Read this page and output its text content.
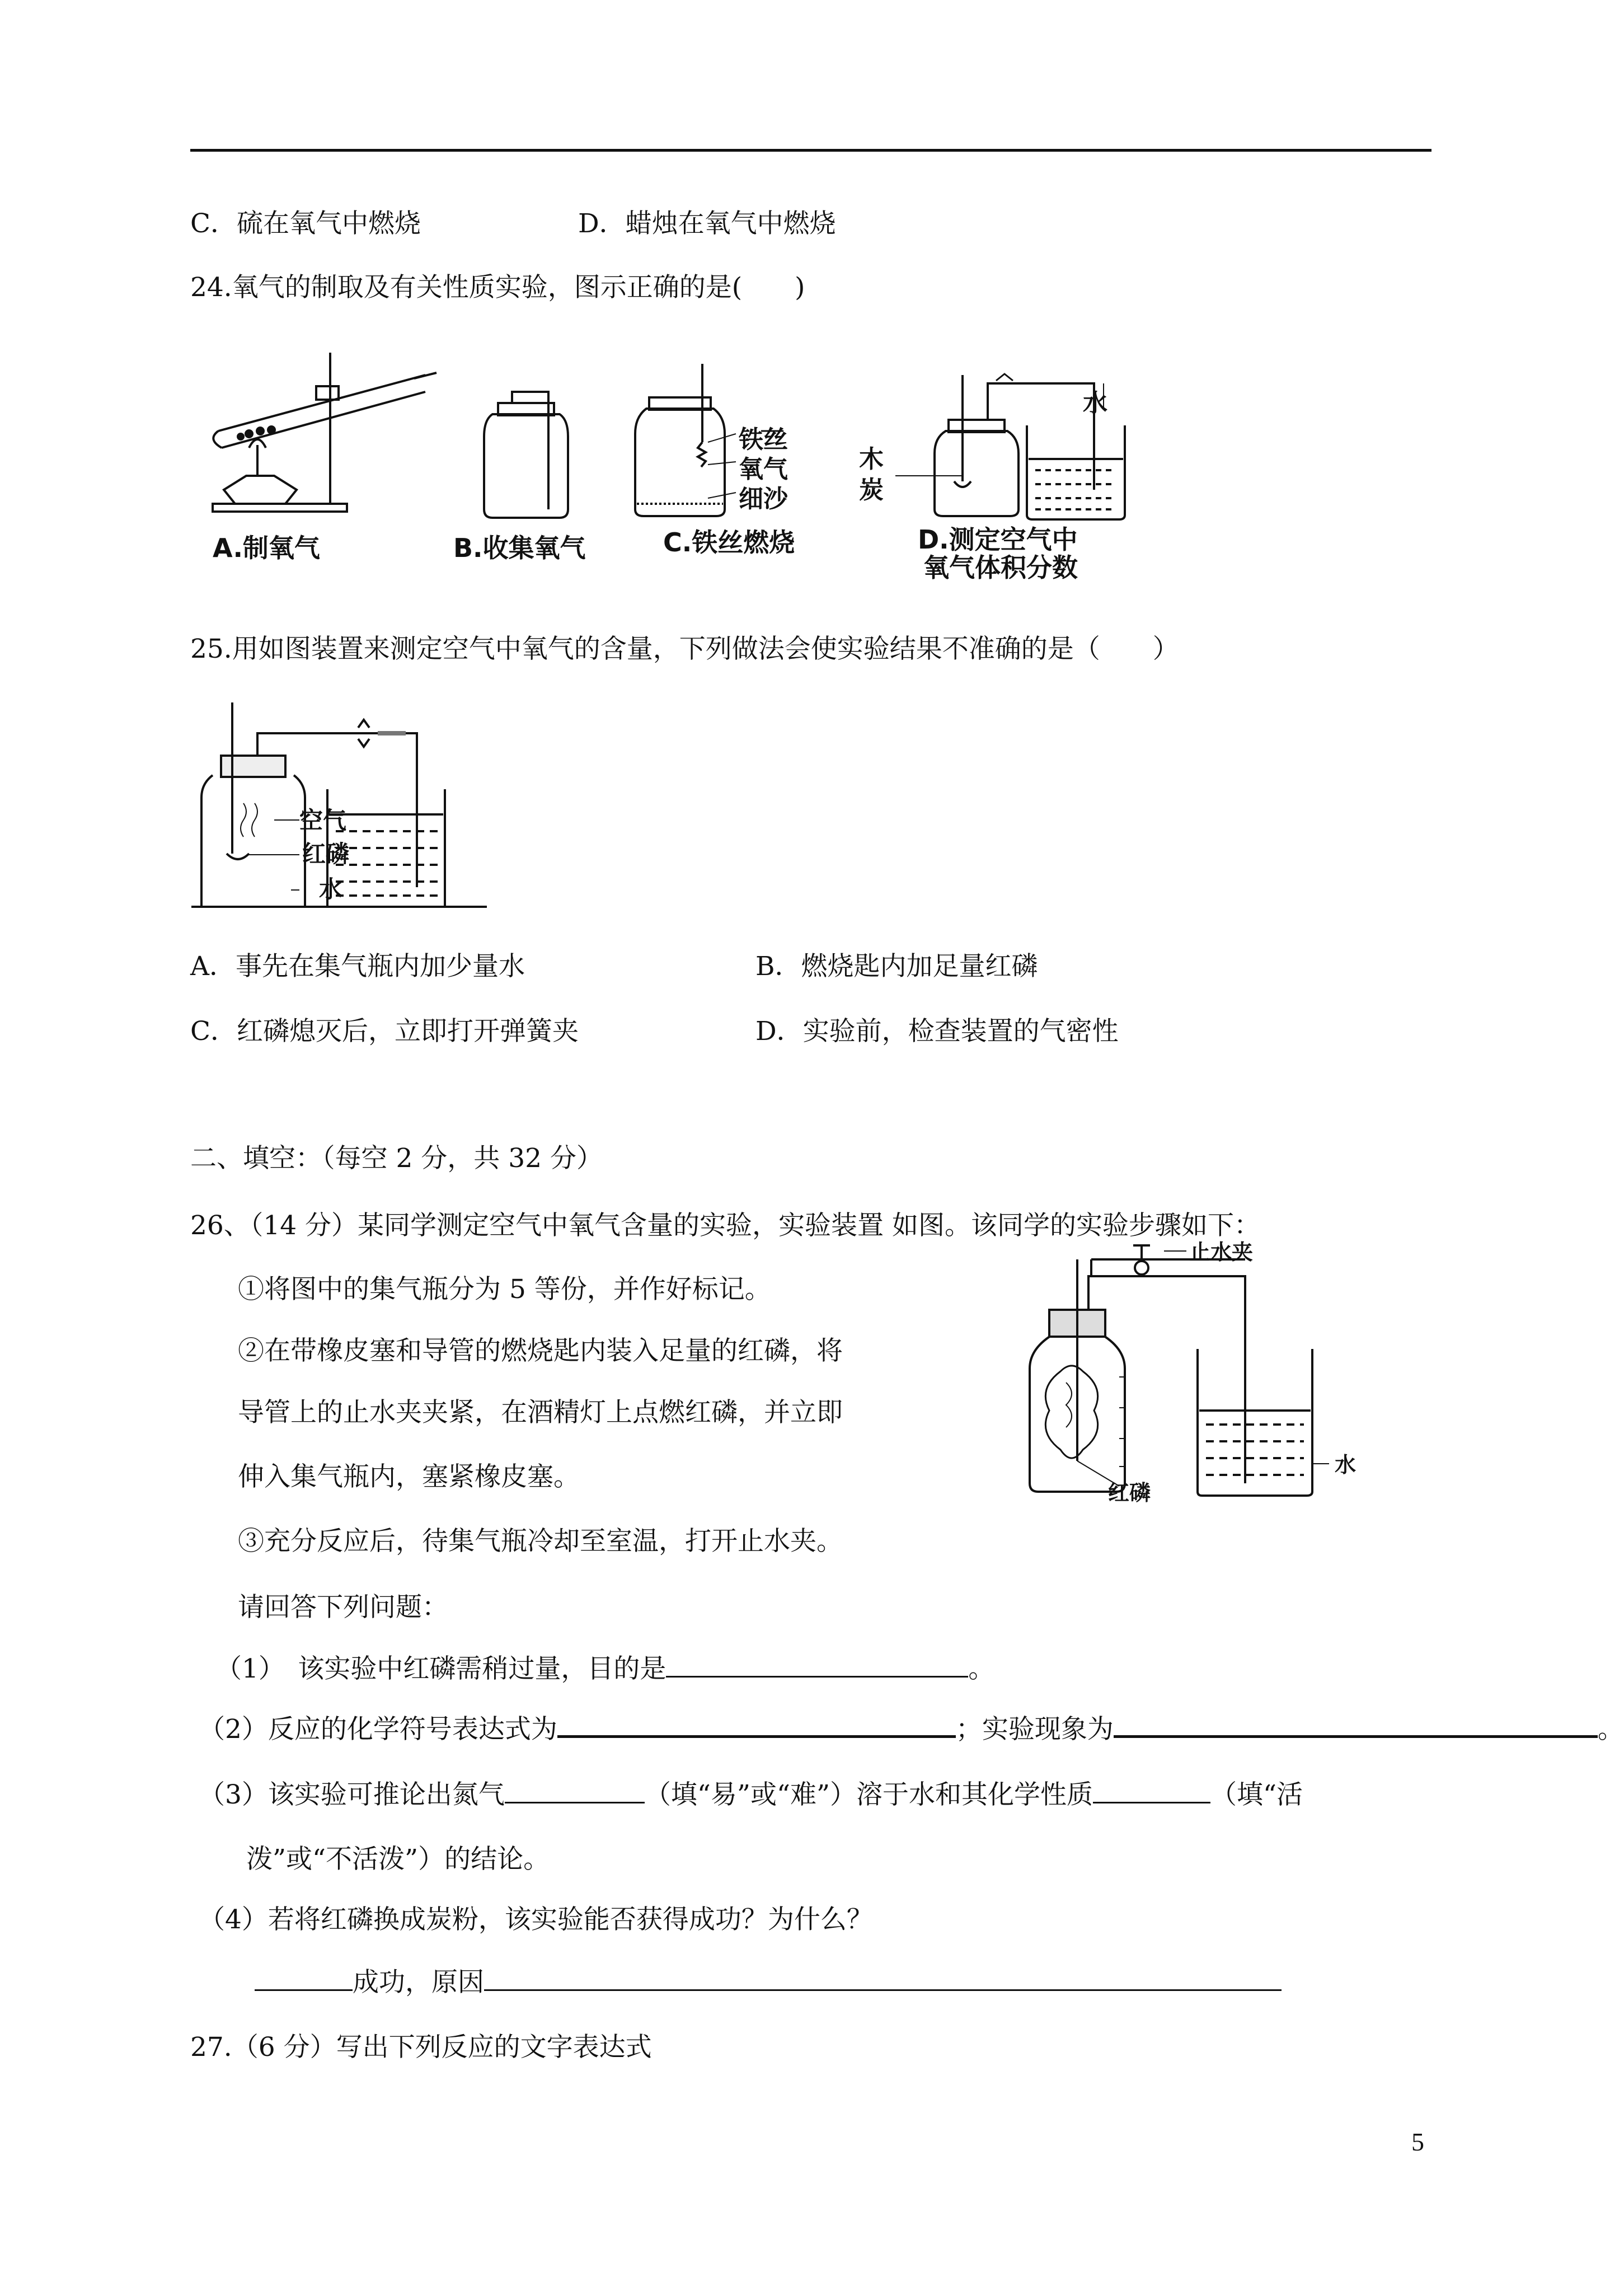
C．硫在氧气中燃烧	D．蜡烛在氧气中燃烧
24.氧气的制取及有关性质实验，图示正确的是(　　)
A.制氧气	B.收集氧气	C.铁丝燃烧
铁丝
氧气
细沙
D.测定空气中
氧气体积分数
木
炭
水
25.用如图装置来测定空气中氧气的含量，下列做法会使实验结果不准确的是（　　）
空气
红磷
水
A．事先在集气瓶内加少量水	B．燃烧匙内加足量红磷
C．红磷熄灭后，立即打开弹簧夹	D．实验前，检查装置的气密性
二、填空：（每空 2 分，共 32 分）
26、（14 分）某同学测定空气中氧气含量的实验，实验装置 如图。该同学的实验步骤如下：
①将图中的集气瓶分为 5 等份，并作好标记。
②在带橡皮塞和导管的燃烧匙内装入足量的红磷，将
导管上的止水夹夹紧，在酒精灯上点燃红磷，并立即
伸入集气瓶内，塞紧橡皮塞。
③充分反应后，待集气瓶冷却至室温，打开止水夹。
请回答下列问题：
止水夹
红磷
水
（1）　该实验中红磷需稍过量，目的是	。
（2）反应的化学符号表达式为	；实验现象为	。
（3）该实验可推论出氮气	（填“易”或“难”）溶于水和其化学性质	（填“活
泼”或“不活泼”）的结论。
（4）若将红磷换成炭粉，该实验能否获得成功？为什么？
成功，原因
27.（6 分）写出下列反应的文字表达式
5
